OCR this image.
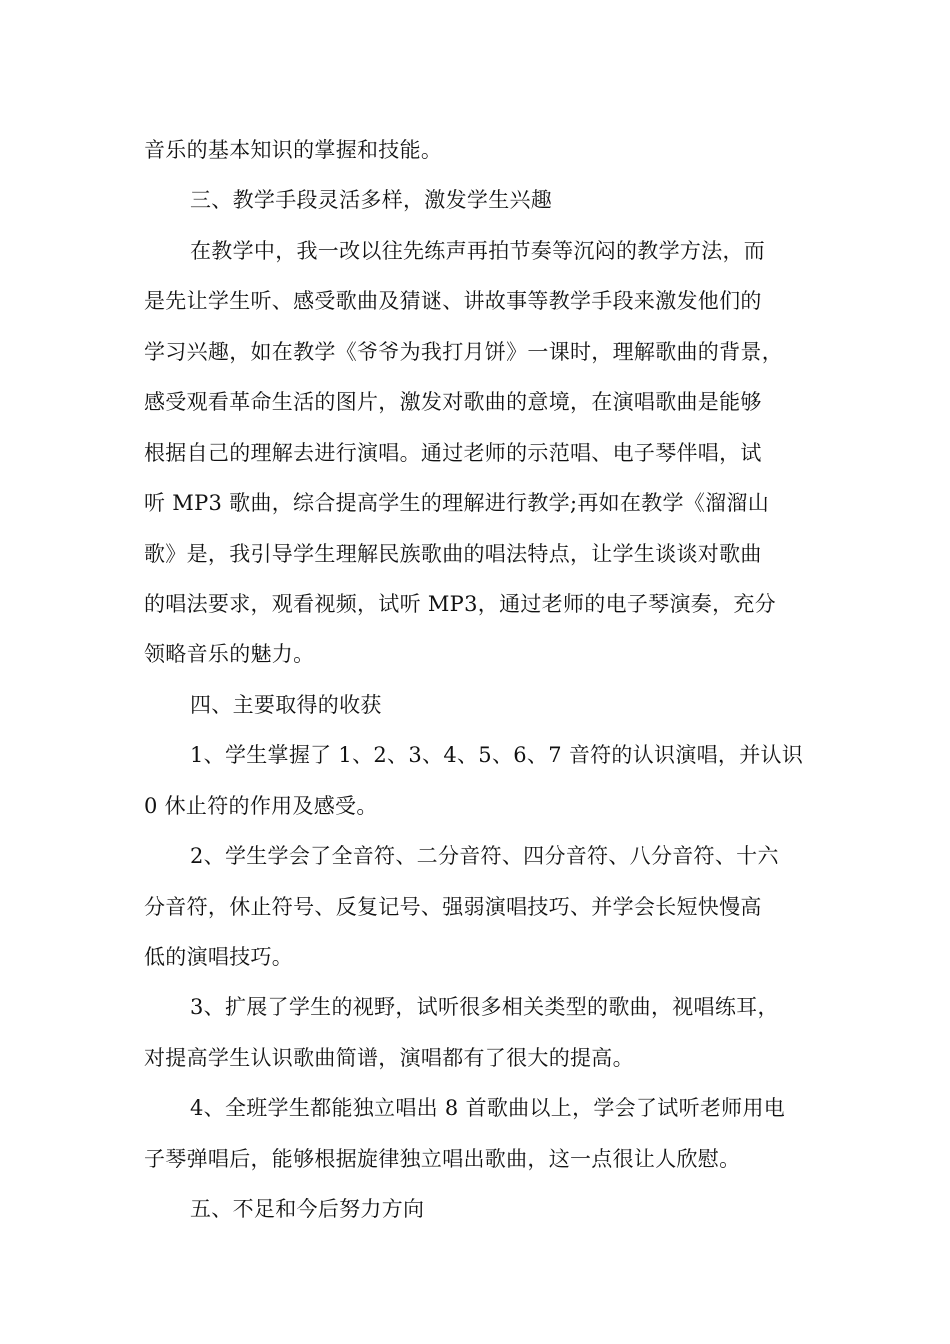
音乐的基本知识的掌握和技能。
三、教学手段灵活多样，激发学生兴趣
在教学中，我一改以往先练声再拍节奏等沉闷的教学方法，而
是先让学生听、感受歌曲及猜谜、讲故事等教学手段来激发他们的
学习兴趣，如在教学《爷爷为我打月饼》一课时，理解歌曲的背景，
感受观看革命生活的图片，激发对歌曲的意境，在演唱歌曲是能够
根据自己的理解去进行演唱。通过老师的示范唱、电子琴伴唱，试
听 MP3 歌曲，综合提高学生的理解进行教学;再如在教学《溜溜山
歌》是，我引导学生理解民族歌曲的唱法特点，让学生谈谈对歌曲
的唱法要求，观看视频，试听 MP3，通过老师的电子琴演奏，充分
领略音乐的魅力。
四、主要取得的收获
1、学生掌握了 1、2、3、4、5、6、7 音符的认识演唱，并认识
0 休止符的作用及感受。
2、学生学会了全音符、二分音符、四分音符、八分音符、十六
分音符，休止符号、反复记号、强弱演唱技巧、并学会长短快慢高
低的演唱技巧。
3、扩展了学生的视野，试听很多相关类型的歌曲，视唱练耳，
对提高学生认识歌曲简谱，演唱都有了很大的提高。
4、全班学生都能独立唱出 8 首歌曲以上，学会了试听老师用电
子琴弹唱后，能够根据旋律独立唱出歌曲，这一点很让人欣慰。
五、不足和今后努力方向
